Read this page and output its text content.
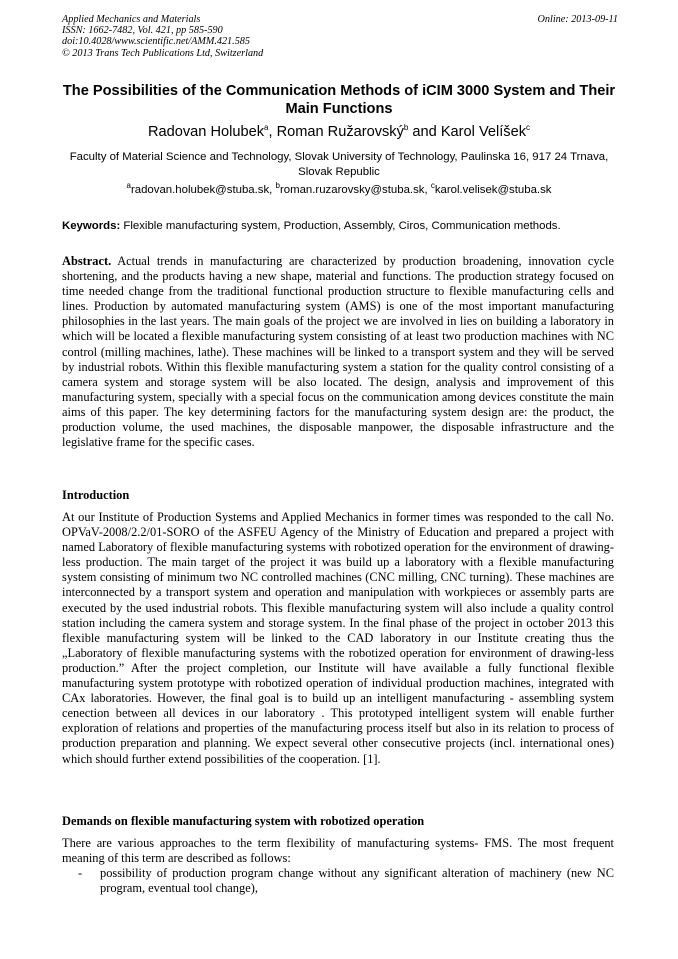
Applied Mechanics and Materials
ISSN: 1662-7482, Vol. 421, pp 585-590
doi:10.4028/www.scientific.net/AMM.421.585
© 2013 Trans Tech Publications Ltd, Switzerland
Online: 2013-09-11
The Possibilities of the Communication Methods of iCIM 3000 System and Their Main Functions
Radovan Holubek$^a$, Roman Ružarovský$^b$ and Karol Velíšek$^c$
Faculty of Material Science and Technology, Slovak University of Technology, Paulinska 16, 917 24 Trnava, Slovak Republic
$^a$radovan.holubek@stuba.sk, $^b$roman.ruzarovsky@stuba.sk, $^c$karol.velisek@stuba.sk
Keywords: Flexible manufacturing system, Production, Assembly, Ciros, Communication methods.
Abstract. Actual trends in manufacturing are characterized by production broadening, innovation cycle shortening, and the products having a new shape, material and functions. The production strategy focused on time needed change from the traditional functional production structure to flexible manufacturing cells and lines. Production by automated manufacturing system (AMS) is one of the most important manufacturing philosophies in the last years. The main goals of the project we are involved in lies on building a laboratory in which will be located a flexible manufacturing system consisting of at least two production machines with NC control (milling machines, lathe). These machines will be linked to a transport system and they will be served by industrial robots. Within this flexible manufacturing system a station for the quality control consisting of a camera system and storage system will be also located. The design, analysis and improvement of this manufacturing system, specially with a special focus on the communication among devices constitute the main aims of this paper. The key determining factors for the manufacturing system design are: the product, the production volume, the used machines, the disposable manpower, the disposable infrastructure and the legislative frame for the specific cases.
Introduction
At our Institute of Production Systems and Applied Mechanics in former times was responded to the call No. OPVaV-2008/2.2/01-SORO of the ASFEU Agency of the Ministry of Education and prepared a project with named Laboratory of flexible manufacturing systems with robotized operation for the environment of drawing-less production. The main target of the project it was build up a laboratory with a flexible manufacturing system consisting of minimum two NC controlled machines (CNC milling, CNC turning). These machines are interconnected by a transport system and operation and manipulation with workpieces or assembly parts are executed by the used industrial robots. This flexible manufacturing system will also include a quality control station including the camera system and storage system. In the final phase of the project in october 2013 this flexible manufacturing system will be linked to the CAD laboratory in our Institute creating thus the „Laboratory of flexible manufacturing systems with the robotized operation for environment of drawing-less production.” After the project completion, our Institute will have available a fully functional flexible manufacturing system prototype with robotized operation of individual production machines, integrated with CAx laboratories. However, the final goal is to build up an intelligent manufacturing - assembling system cenection between all devices in our laboratory . This prototyped intelligent system will enable further exploration of relations and properties of the manufacturing process itself but also in its relation to process of production preparation and planning. We expect several other consecutive projects (incl. international ones) which should further extend possibilities of the cooperation. [1].
Demands on flexible manufacturing system with robotized operation
There are various approaches to the term flexibility of manufacturing systems- FMS. The most frequent meaning of this term are described as follows:
- possibility of production program change without any significant alteration of machinery (new NC program, eventual tool change),
